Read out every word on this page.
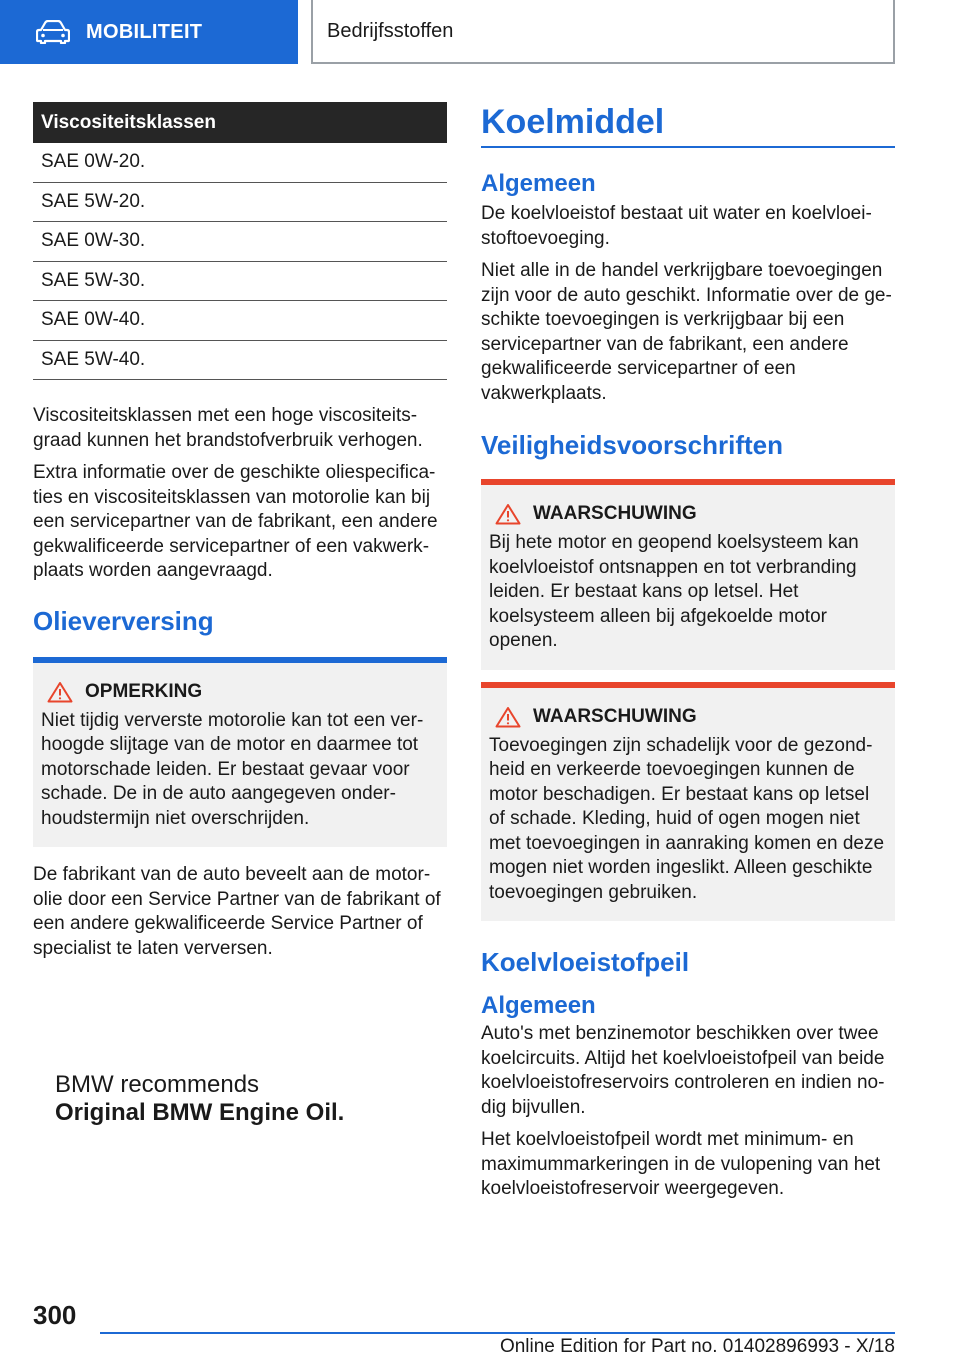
MOBILITEIT	Bedrijfsstoffen
Viscositeitsklassen
SAE 0W-20.
SAE 5W-20.
SAE 0W-30.
SAE 5W-30.
SAE 0W-40.
SAE 5W-40.

Viscositeitsklassen met een hoge viscositeitsgraad kunnen het brandstofverbruik verhogen.

Extra informatie over de geschikte oliespecificaties en viscositeitsklassen van motorolie kan bij een servicepartner van de fabrikant, een andere gekwalificeerde servicepartner of een vakwerkplaats worden aangevraagd.

Olieverversing
OPMERKING

Niet tijdig ververste motorolie kan tot een verhoogde slijtage van de motor en daarmee tot motorschade leiden. Er bestaat gevaar voor schade. De in de auto aangegeven onderhoudstermijn niet overschrijden.

De fabrikant van de auto beveelt aan de motorolie door een Service Partner van de fabrikant of een andere gekwalificeerde Service Partner of specialist te laten verversen.

BMW recommends
Original BMW Engine Oil.
Koelmiddel
Algemeen

De koelvloeistof bestaat uit water en koelvloeistoftoevoeging.

Niet alle in de handel verkrijgbare toevoegingen zijn voor de auto geschikt. Informatie over de geschikte toevoegingen is verkrijgbaar bij een servicepartner van de fabrikant, een andere gekwalificeerde servicepartner of een vakwerkplaats.

Veiligheidsvoorschriften
WAARSCHUWING

Bij hete motor en geopend koelsysteem kan koelvloeistof ontsnappen en tot verbranding leiden. Er bestaat kans op letsel. Het koelsysteem alleen bij afgekoelde motor openen.

WAARSCHUWING

Toevoegingen zijn schadelijk voor de gezondheid en verkeerde toevoegingen kunnen de motor beschadigen. Er bestaat kans op letsel of schade. Kleding, huid of ogen mogen niet met toevoegingen in aanraking komen en deze mogen niet worden ingeslikt. Alleen geschikte toevoegingen gebruiken.

Koelvloeistofpeil
Algemeen

Auto's met benzinemotor beschikken over twee koelcircuits. Altijd het koelvloeistofpeil van beide koelvloeistofreservoirs controleren en indien nodig bijvullen.

Het koelvloeistofpeil wordt met minimum- en maximummarkeringen in de vulopening van het koelvloeistofreservoir weergegeven.

300
Online Edition for Part no. 01402896993 - X/18
